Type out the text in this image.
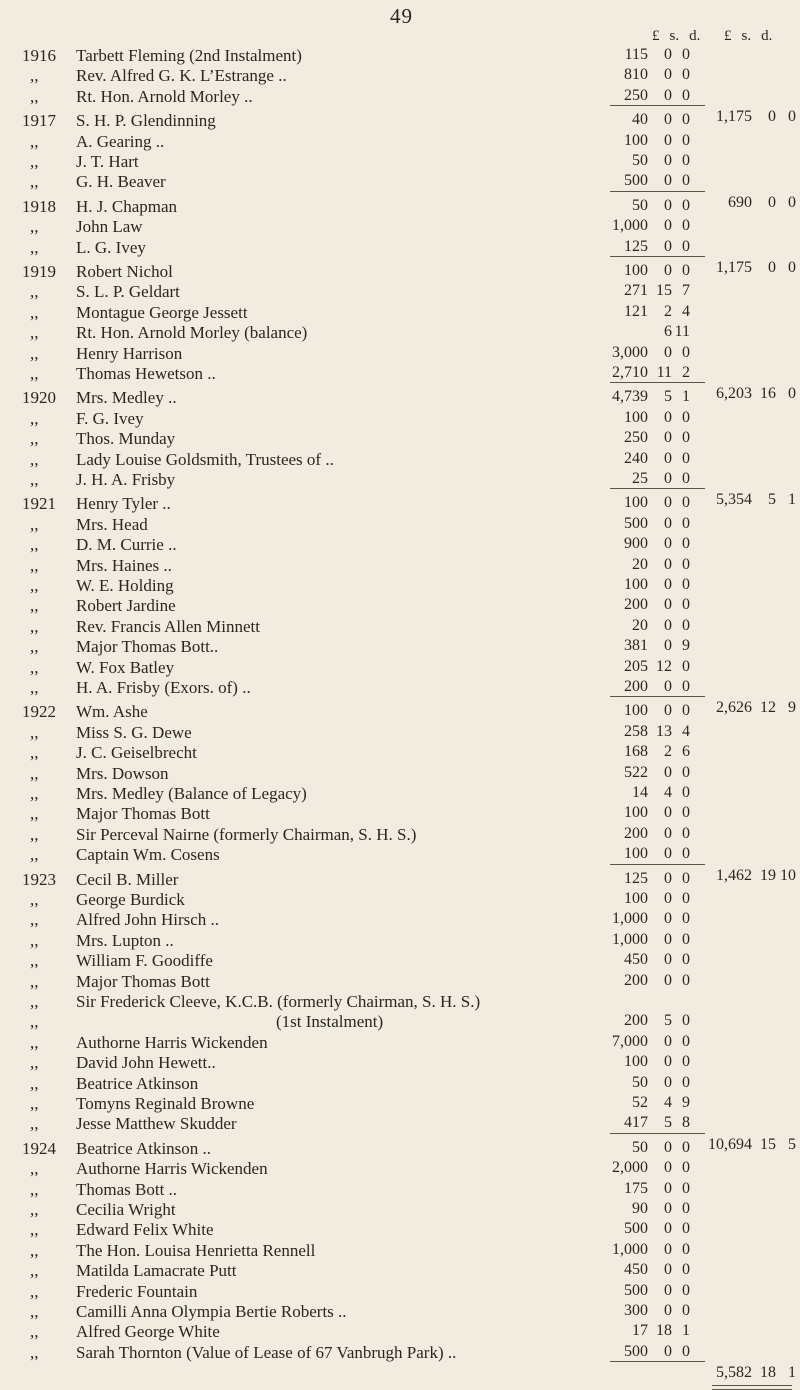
49
£ s. d.	£ s. d.
1916	Tarbett Fleming (2nd Instalment)	115 0 0
,,	Rev. Alfred G. K. L’Estrange ..	810 0 0
,,	Rt. Hon. Arnold Morley ..	250 0 0
1,175 0 0
1917	S. H. P. Glendinning	40 0 0
,,	A. Gearing ..	100 0 0
,,	J. T. Hart	50 0 0
,,	G. H. Beaver	500 0 0
690 0 0
1918	H. J. Chapman	50 0 0
,,	John Law	1,000 0 0
,,	L. G. Ivey	125 0 0
1,175 0 0
1919	Robert Nichol	100 0 0
,,	S. L. P. Geldart	271 15 7
,,	Montague George Jessett	121 2 4
,,	Rt. Hon. Arnold Morley (balance)	6 11
,,	Henry Harrison	3,000 0 0
,,	Thomas Hewetson ..	2,710 11 2
6,203 16 0
1920	Mrs. Medley ..	4,739 5 1
,,	F. G. Ivey	100 0 0
,,	Thos. Munday	250 0 0
,,	Lady Louise Goldsmith, Trustees of ..	240 0 0
,,	J. H. A. Frisby	25 0 0
5,354 5 1
1921	Henry Tyler ..	100 0 0
,,	Mrs. Head	500 0 0
,,	D. M. Currie ..	900 0 0
,,	Mrs. Haines ..	20 0 0
,,	W. E. Holding	100 0 0
,,	Robert Jardine	200 0 0
,,	Rev. Francis Allen Minnett	20 0 0
,,	Major Thomas Bott..	381 0 9
,,	W. Fox Batley	205 12 0
,,	H. A. Frisby (Exors. of) ..	200 0 0
2,626 12 9
1922	Wm. Ashe	100 0 0
,,	Miss S. G. Dewe	258 13 4
,,	J. C. Geiselbrecht	168 2 6
,,	Mrs. Dowson	522 0 0
,,	Mrs. Medley (Balance of Legacy)	14 4 0
,,	Major Thomas Bott	100 0 0
,,	Sir Perceval Nairne (formerly Chairman, S. H. S.)	200 0 0
,,	Captain Wm. Cosens	100 0 0
1,462 19 10
1923	Cecil B. Miller	125 0 0
,,	George Burdick	100 0 0
,,	Alfred John Hirsch ..	1,000 0 0
,,	Mrs. Lupton ..	1,000 0 0
,,	William F. Goodiffe	450 0 0
,,	Major Thomas Bott	200 0 0
,,	Sir Frederick Cleeve, K.C.B. (formerly Chairman, S. H. S.)
,,	(1st Instalment)	200 5 0
,,	Authorne Harris Wickenden	7,000 0 0
,,	David John Hewett..	100 0 0
,,	Beatrice Atkinson	50 0 0
,,	Tomyns Reginald Browne	52 4 9
,,	Jesse Matthew Skudder	417 5 8
10,694 15 5
1924	Beatrice Atkinson ..	50 0 0
,,	Authorne Harris Wickenden	2,000 0 0
,,	Thomas Bott ..	175 0 0
,,	Cecilia Wright	90 0 0
,,	Edward Felix White	500 0 0
,,	The Hon. Louisa Henrietta Rennell	1,000 0 0
,,	Matilda Lamacrate Putt	450 0 0
,,	Frederic Fountain	500 0 0
,,	Camilli Anna Olympia Bertie Roberts ..	300 0 0
,,	Alfred George White	17 18 1
,,	Sarah Thornton (Value of Lease of 67 Vanbrugh Park) ..	500 0 0
5,582 18 1
